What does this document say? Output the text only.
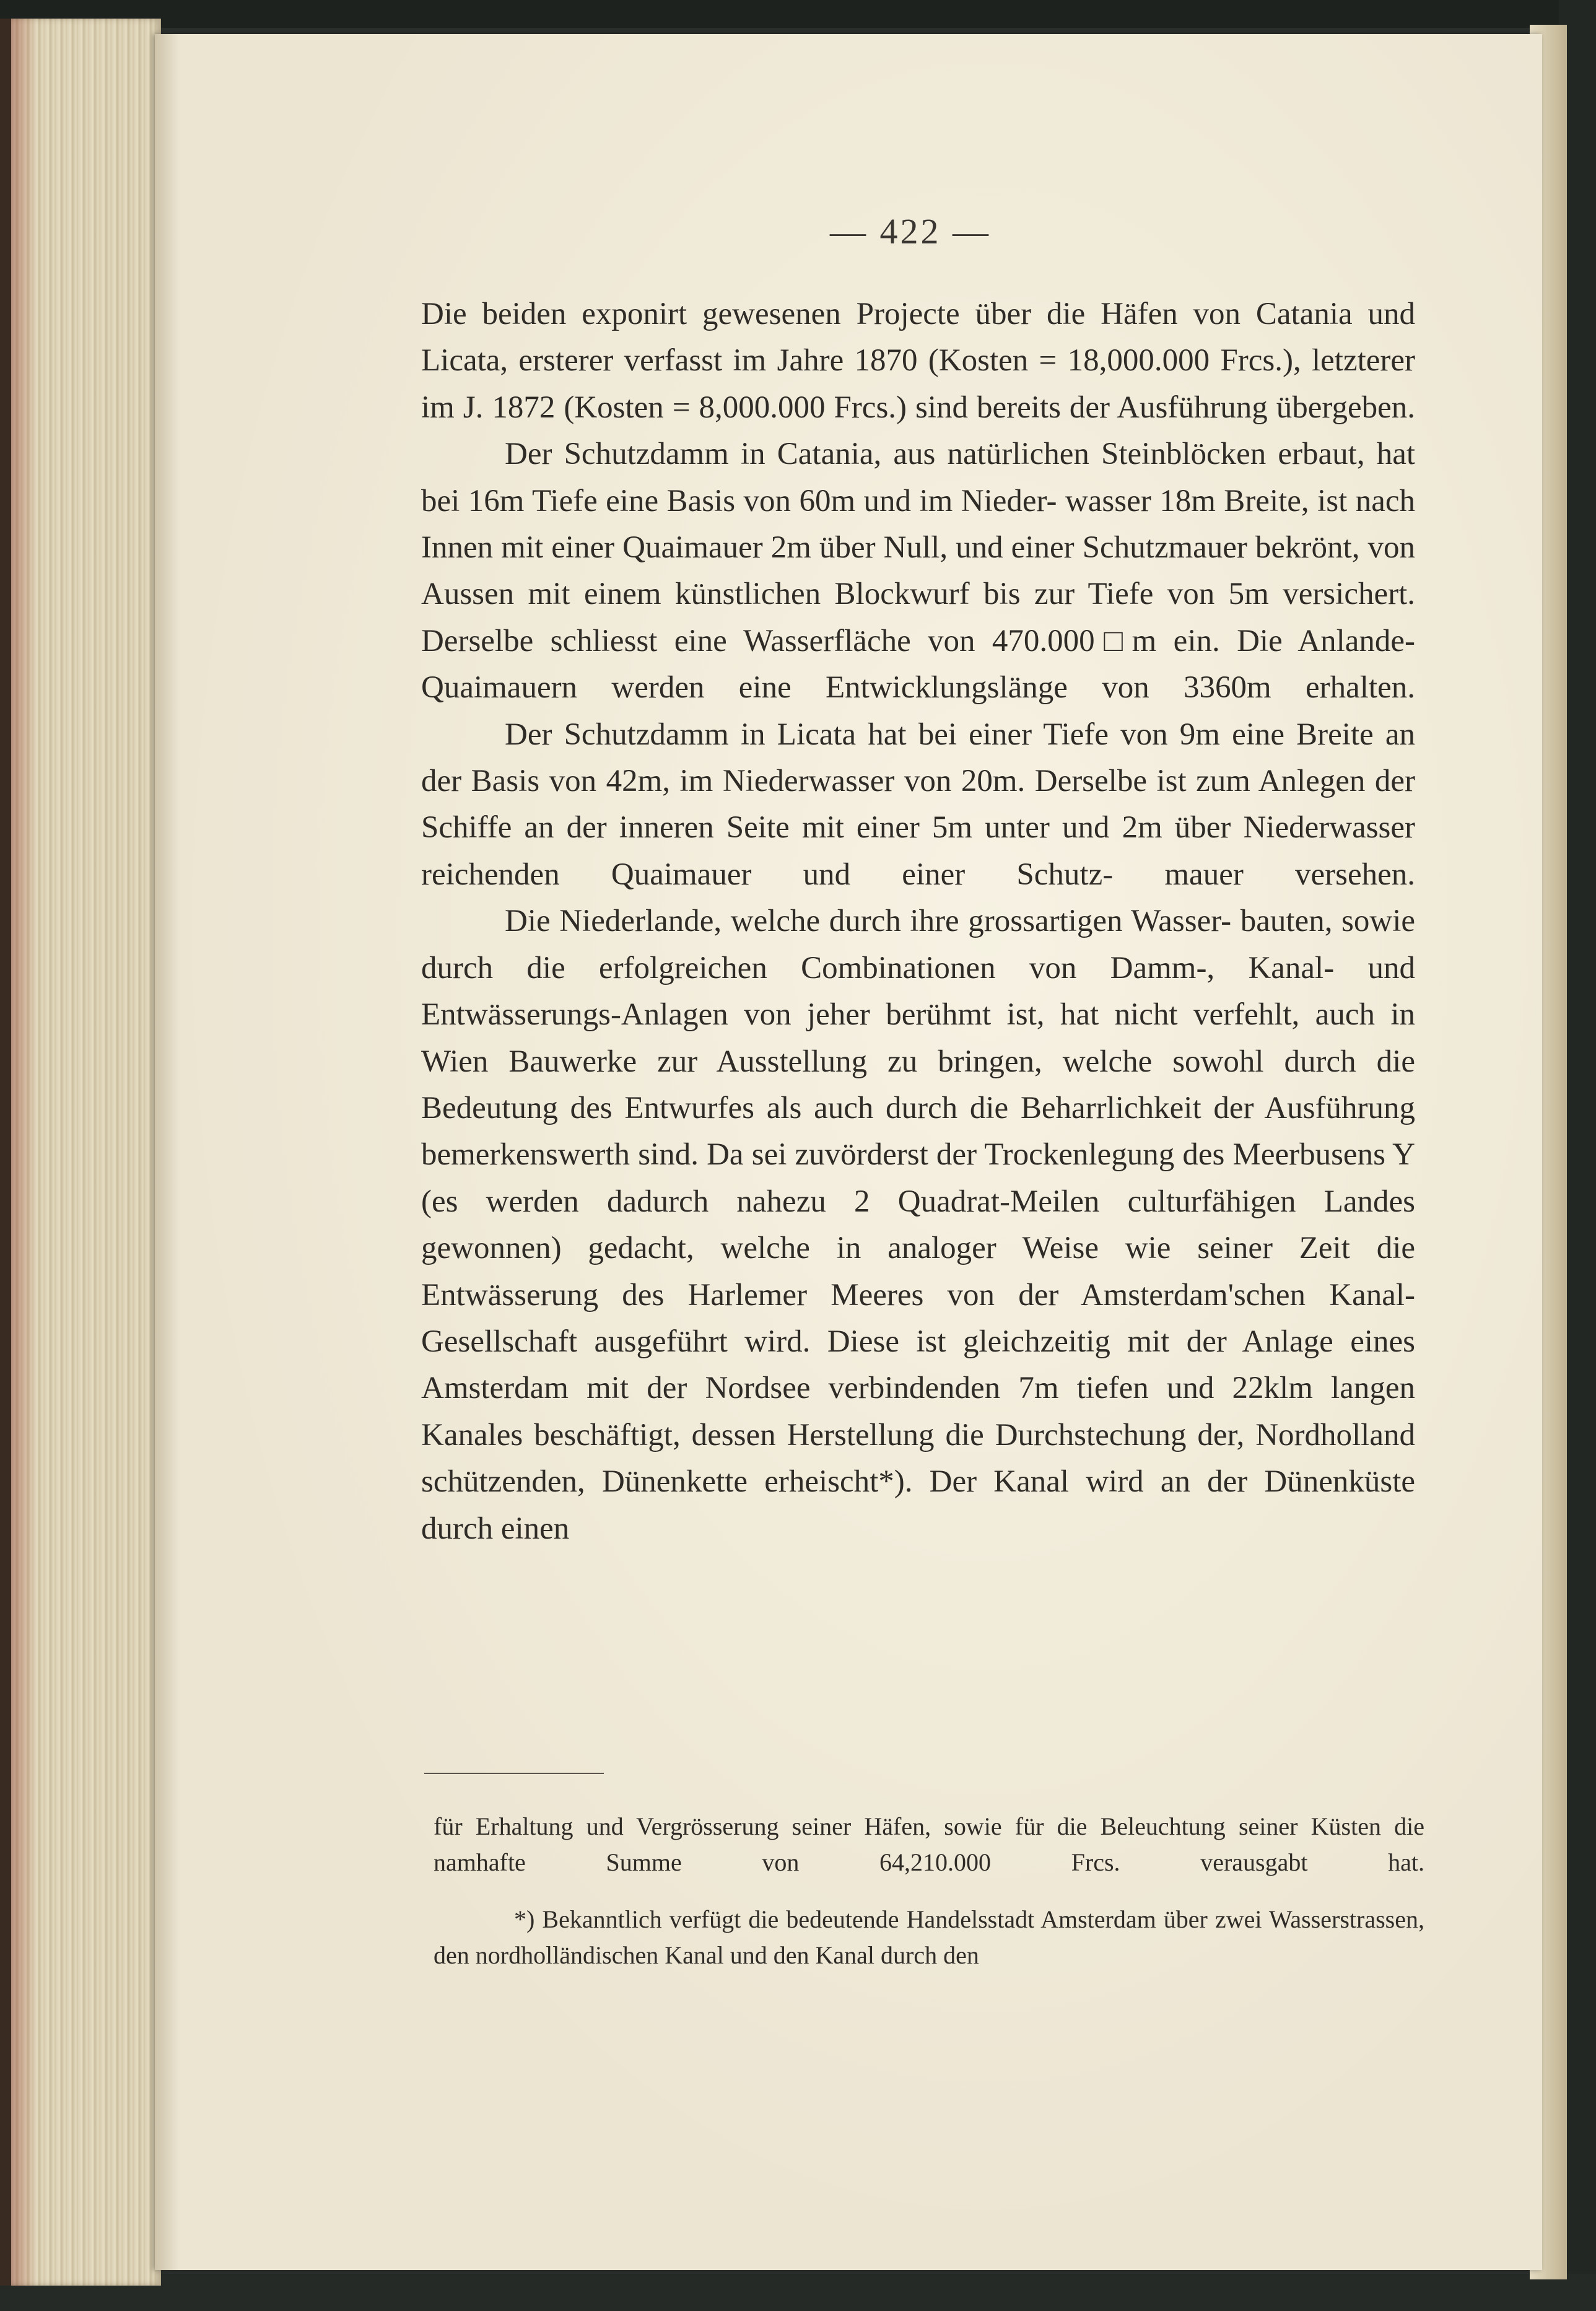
— 422 —

Die beiden exponirt gewesenen Projecte über die Häfen von Catania und Licata, ersterer verfasst im Jahre 1870 (Kosten = 18,000.000 Frcs.), letzterer im J. 1872 (Kosten = 8,000.000 Frcs.) sind bereits der Ausführung übergeben.

Der Schutzdamm in Catania, aus natürlichen Steinblöcken erbaut, hat bei 16m Tiefe eine Basis von 60m und im Nieder- wasser 18m Breite, ist nach Innen mit einer Quaimauer 2m über Null, und einer Schutzmauer bekrönt, von Aussen mit einem künstlichen Blockwurf bis zur Tiefe von 5m versichert. Derselbe schliesst eine Wasserfläche von 470.000□m ein. Die Anlande- Quaimauern werden eine Entwicklungslänge von 3360m erhalten.

Der Schutzdamm in Licata hat bei einer Tiefe von 9m eine Breite an der Basis von 42m, im Niederwasser von 20m. Derselbe ist zum Anlegen der Schiffe an der inneren Seite mit einer 5m unter und 2m über Niederwasser reichenden Quaimauer und einer Schutz- mauer versehen.

Die Niederlande, welche durch ihre grossartigen Wasser- bauten, sowie durch die erfolgreichen Combinationen von Damm-, Kanal- und Entwässerungs-Anlagen von jeher berühmt ist, hat nicht verfehlt, auch in Wien Bauwerke zur Ausstellung zu bringen, welche sowohl durch die Bedeutung des Entwurfes als auch durch die Beharrlichkeit der Ausführung bemerkenswerth sind. Da sei zuvörderst der Trockenlegung des Meerbusens Y (es werden dadurch nahezu 2 Quadrat-Meilen culturfähigen Landes gewonnen) gedacht, welche in analoger Weise wie seiner Zeit die Entwässerung des Harlemer Meeres von der Amsterdam'schen Kanal-Gesellschaft ausgeführt wird. Diese ist gleichzeitig mit der Anlage eines Amsterdam mit der Nordsee verbindenden 7m tiefen und 22klm langen Kanales beschäftigt, dessen Herstellung die Durchstechung der, Nordholland schützenden, Dünenkette erheischt*). Der Kanal wird an der Dünenküste durch einen

für Erhaltung und Vergrösserung seiner Häfen, sowie für die Beleuchtung seiner Küsten die namhafte Summe von 64,210.000 Frcs. verausgabt hat.

*) Bekanntlich verfügt die bedeutende Handelsstadt Amsterdam über zwei Wasserstrassen, den nordholländischen Kanal und den Kanal durch den
